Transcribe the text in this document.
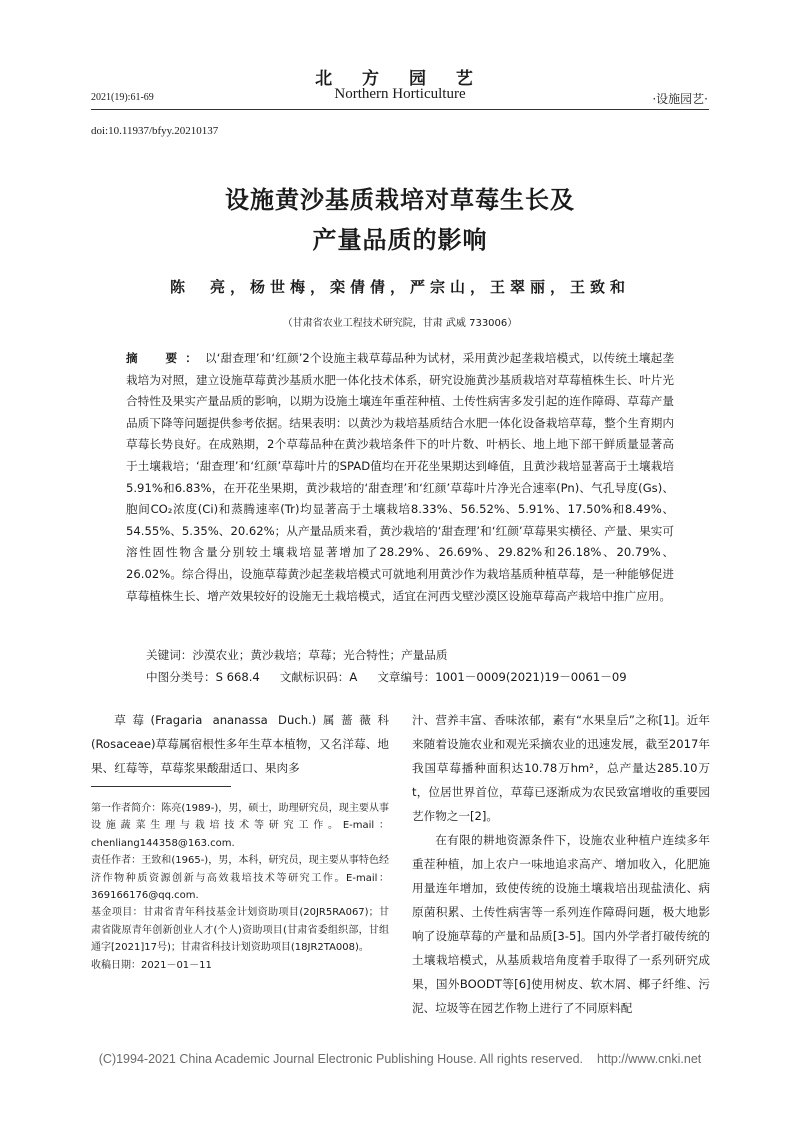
北 方 园 艺
Northern Horticulture
2021(19):61-69	·设施园艺·
doi:10.11937/bfyy.20210137
设施黄沙基质栽培对草莓生长及
产量品质的影响
陈　亮，杨世梅，栾倩倩，严宗山，王翠丽，王致和
（甘肃省农业工程技术研究院，甘肃 武威 733006）
摘　要：以‘甜查理’和‘红颜’2个设施主栽草莓品种为试材，采用黄沙起垄栽培模式，以传统土壤起垄栽培为对照，建立设施草莓黄沙基质水肥一体化技术体系，研究设施黄沙基质栽培对草莓植株生长、叶片光合特性及果实产量品质的影响，以期为设施土壤连年重茬种植、土传性病害多发引起的连作障碍、草莓产量品质下降等问题提供参考依据。结果表明：以黄沙为栽培基质结合水肥一体化设备栽培草莓，整个生育期内草莓长势良好。在成熟期，2个草莓品种在黄沙栽培条件下的叶片数、叶柄长、地上地下部干鲜质量显著高于土壤栽培；‘甜查理’和‘红颜’草莓叶片的SPAD值均在开花坐果期达到峰值，且黄沙栽培显著高于土壤栽培5.91%和6.83%，在开花坐果期，黄沙栽培的‘甜查理’和‘红颜’草莓叶片净光合速率(Pn)、气孔导度(Gs)、胞间CO₂浓度(Ci)和蒸腾速率(Tr)均显著高于土壤栽培8.33%、56.52%、5.91%、17.50%和8.49%、54.55%、5.35%、20.62%；从产量品质来看，黄沙栽培的‘甜查理’和‘红颜’草莓果实横径、产量、果实可溶性固性物含量分别较土壤栽培显著增加了28.29%、26.69%、29.82%和26.18%、20.79%、26.02%。综合得出，设施草莓黄沙起垄栽培模式可就地利用黄沙作为栽培基质种植草莓，是一种能够促进草莓植株生长、增产效果较好的设施无土栽培模式，适宜在河西戈壁沙漠区设施草莓高产栽培中推广应用。
关键词：沙漠农业；黄沙栽培；草莓；光合特性；产量品质
中图分类号：S 668.4 文献标识码：A 文章编号：1001－0009(2021)19－0061－09

草莓(Fragaria ananassa Duch.)属蔷薇科(Rosaceae)草莓属宿根性多年生草本植物，又名洋莓、地果、红莓等，草莓浆果酸甜适口、果肉多

第一作者简介：陈亮(1989-)，男，硕士，助理研究员，现主要从事设施蔬菜生理与栽培技术等研究工作。E-mail：chenliang144358@163.com.

责任作者：王致和(1965-)，男，本科，研究员，现主要从事特色经济作物种质资源创新与高效栽培技术等研究工作。E-mail：369166176@qq.com.

基金项目：甘肃省青年科技基金计划资助项目(20JR5RA067)；甘肃省陇原青年创新创业人才(个人)资助项目(甘肃省委组织部，甘组通字[2021]17号)；甘肃省科技计划资助项目(18JR2TA008)。

收稿日期：2021－01－11

汁、营养丰富、香味浓郁，素有“水果皇后”之称[1]。近年来随着设施农业和观光采摘农业的迅速发展，截至2017年我国草莓播种面积达10.78万hm²，总产量达285.10万t，位居世界首位，草莓已逐渐成为农民致富增收的重要园艺作物之一[2]。

在有限的耕地资源条件下，设施农业种植户连续多年重茬种植，加上农户一味地追求高产、增加收入，化肥施用量连年增加，致使传统的设施土壤栽培出现盐渍化、病原菌积累、土传性病害等一系列连作障碍问题，极大地影响了设施草莓的产量和品质[3-5]。国内外学者打破传统的土壤栽培模式，从基质栽培角度着手取得了一系列研究成果，国外BOODT等[6]使用树皮、软木屑、椰子纤维、污泥、垃圾等在园艺作物上进行了不同原料配

(C)1994-2021 China Academic Journal Electronic Publishing House. All rights reserved. http://www.cnki.net
